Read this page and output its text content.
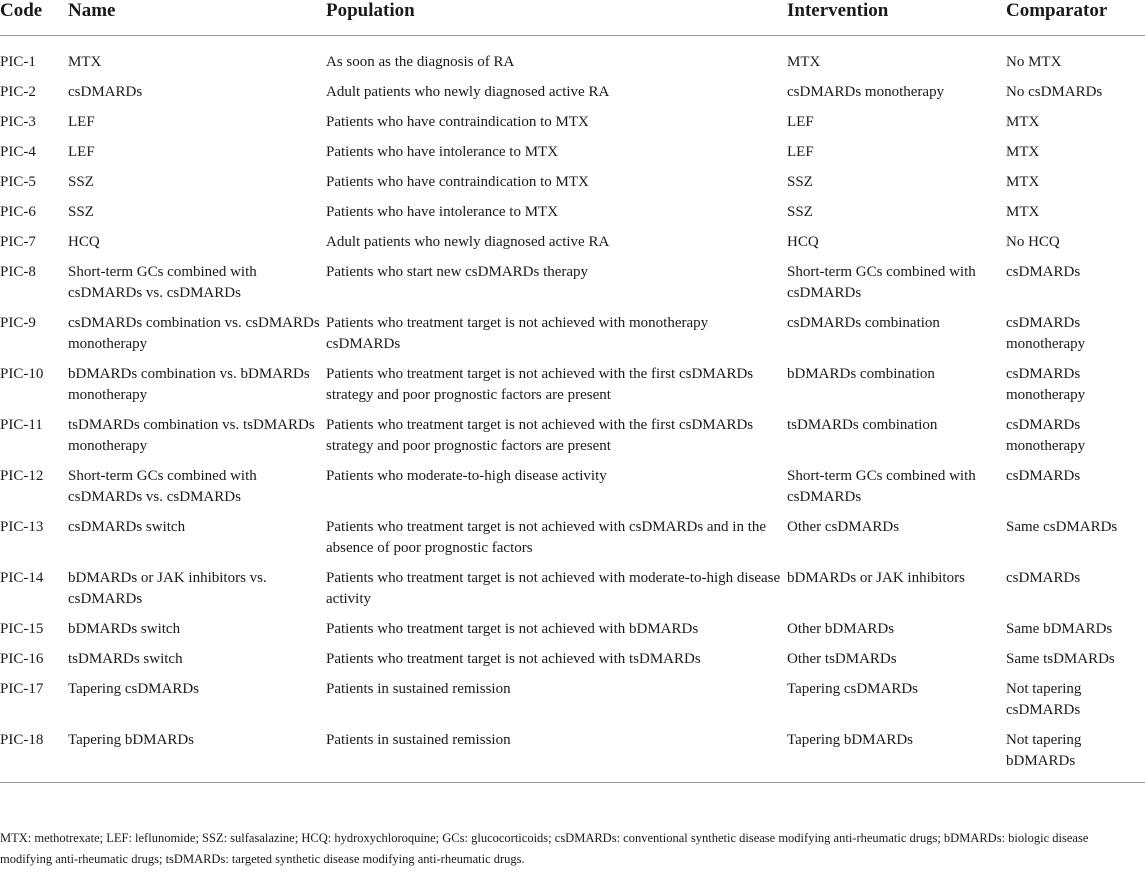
Code	Name	Population	Intervention	Comparator
PIC-1	MTX	As soon as the diagnosis of RA	MTX	No MTX
PIC-2	csDMARDs	Adult patients who newly diagnosed active RA	csDMARDs monotherapy	No csDMARDs
PIC-3	LEF	Patients who have contraindication to MTX	LEF	MTX
PIC-4	LEF	Patients who have intolerance to MTX	LEF	MTX
PIC-5	SSZ	Patients who have contraindication to MTX	SSZ	MTX
PIC-6	SSZ	Patients who have intolerance to MTX	SSZ	MTX
PIC-7	HCQ	Adult patients who newly diagnosed active RA	HCQ	No HCQ
PIC-8	Short-term GCs combined with csDMARDs vs. csDMARDs	Patients who start new csDMARDs therapy	Short-term GCs combined with csDMARDs	csDMARDs
PIC-9	csDMARDs combination vs. csDMARDs monotherapy	Patients who treatment target is not achieved with monotherapy csDMARDs	csDMARDs combination	csDMARDs monotherapy
PIC-10	bDMARDs combination vs. bDMARDs monotherapy	Patients who treatment target is not achieved with the first csDMARDs strategy and poor prognostic factors are present	bDMARDs combination	csDMARDs monotherapy
PIC-11	tsDMARDs combination vs. tsDMARDs monotherapy	Patients who treatment target is not achieved with the first csDMARDs strategy and poor prognostic factors are present	tsDMARDs combination	csDMARDs monotherapy
PIC-12	Short-term GCs combined with csDMARDs vs. csDMARDs	Patients who moderate-to-high disease activity	Short-term GCs combined with csDMARDs	csDMARDs
PIC-13	csDMARDs switch	Patients who treatment target is not achieved with csDMARDs and in the absence of poor prognostic factors	Other csDMARDs	Same csDMARDs
PIC-14	bDMARDs or JAK inhibitors vs. csDMARDs	Patients who treatment target is not achieved with moderate-to-high disease activity	bDMARDs or JAK inhibitors	csDMARDs
PIC-15	bDMARDs switch	Patients who treatment target is not achieved with bDMARDs	Other bDMARDs	Same bDMARDs
PIC-16	tsDMARDs switch	Patients who treatment target is not achieved with tsDMARDs	Other tsDMARDs	Same tsDMARDs
PIC-17	Tapering csDMARDs	Patients in sustained remission	Tapering csDMARDs	Not tapering csDMARDs
PIC-18	Tapering bDMARDs	Patients in sustained remission	Tapering bDMARDs	Not tapering bDMARDs
MTX: methotrexate; LEF: leflunomide; SSZ: sulfasalazine; HCQ: hydroxychloroquine; GCs: glucocorticoids; csDMARDs: conventional synthetic disease modifying anti-rheumatic drugs; bDMARDs: biologic disease modifying anti-rheumatic drugs; tsDMARDs: targeted synthetic disease modifying anti-rheumatic drugs.
